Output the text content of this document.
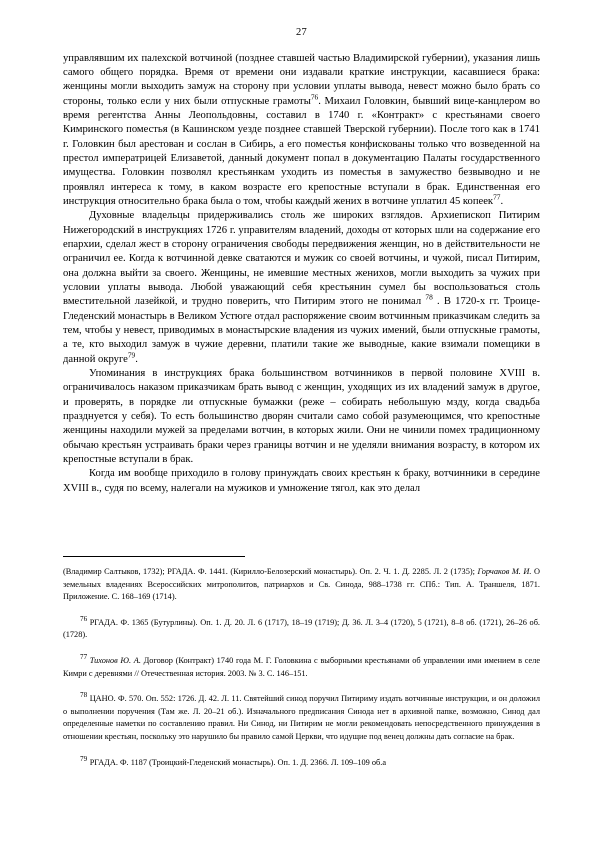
27

управлявшим их палехской вотчиной (позднее ставшей частью Владимирской губернии), указания лишь самого общего порядка. Время от времени они издавали краткие инструкции, касавшиеся брака: женщины могли выходить замуж на сторону при условии уплаты вывода, невест можно было брать со стороны, только если у них были отпускные грамоты$^{76}$. Михаил Головкин, бывший вице-канцлером во время регентства Анны Леопольдовны, составил в 1740 г. «Контракт» с крестьянами своего Кимринского поместья (в Кашинском уезде позднее ставшей Тверской губернии). После того как в 1741 г. Головкин был арестован и сослан в Сибирь, а его поместья конфискованы только что возведенной на престол императрицей Елизаветой, данный документ попал в документацию Палаты государственного имущества. Головкин позволял крестьянкам уходить из поместья в замужество безвыводно и не проявлял интереса к тому, в каком возрасте его крепостные вступали в брак. Единственная его инструкция относительно брака была о том, чтобы каждый жених в вотчине уплатил 45 копеек$^{77}$.

Духовные владельцы придерживались столь же широких взглядов. Архиепископ Питирим Нижегородский в инструкциях 1726 г. управителям владений, доходы от которых шли на содержание его епархии, сделал жест в сторону ограничения свободы передвижения женщин, но в действительности не ограничил ее. Когда к вотчинной девке сватаются и мужик со своей вотчины, и чужой, писал Питирим, она должна выйти за своего. Женщины, не имевшие местных женихов, могли выходить за чужих при условии уплаты вывода. Любой уважающий себя крестьянин сумел бы воспользоваться столь вместительной лазейкой, и трудно поверить, что Питирим этого не понимал $^{78}$ . В 1720-х гг. Троице-Гледенский монастырь в Великом Устюге отдал распоряжение своим вотчинным приказчикам следить за тем, чтобы у невест, приводимых в монастырские владения из чужих имений, были отпускные грамоты, а те, кто выходил замуж в чужие деревни, платили такие же выводные, какие взимали помещики в данной округе$^{79}$.

Упоминания в инструкциях брака большинством вотчинников в первой половине XVIII в. ограничивалось наказом приказчикам брать вывод с женщин, уходящих из их владений замуж в другое, и проверять, в порядке ли отпускные бумажки (реже – собирать небольшую мзду, когда свадьба празднуется у себя). То есть большинство дворян считали само собой разумеющимся, что крепостные женщины находили мужей за пределами вотчин, в которых жили. Они не чинили помех традиционному обычаю крестьян устраивать браки через границы вотчин и не уделяли внимания возрасту, в котором их крепостные вступали в брак.

Когда им вообще приходило в голову принуждать своих крестьян к браку, вотчинники в середине XVIII в., судя по всему, налегали на мужиков и умножение тягол, как это делал

(Владимир Салтыков, 1732); РГАДА. Ф. 1441. (Кирилло-Белозерский монастырь). Оп. 2. Ч. 1. Д. 2285. Л. 2 (1735); Горчаков М. И. О земельных владениях Всероссийских митрополитов, патриархов и Св. Синода, 988–1738 гг. СПб.: Тип. А. Траншеля, 1871. Приложение. С. 168–169 (1714).
76 РГАДА. Ф. 1365 (Бутурлины). Оп. 1. Д. 20. Л. 6 (1717), 18–19 (1719); Д. 36. Л. 3–4 (1720), 5 (1721), 8–8 об. (1721), 26–26 об. (1728).
77 Тихонов Ю. А. Договор (Контракт) 1740 года М. Г. Головкина с выборными крестьянами об управлении ими имением в селе Кимри с деревнями // Отечественная история. 2003. № 3. С. 146–151.
78 ЦАНО. Ф. 570. Оп. 552: 1726. Д. 42. Л. 11. Святейший синод поручил Питириму издать вотчинные инструкции, и он доложил о выполнении поручения (Там же. Л. 20–21 об.). Изначального предписания Синода нет в архивной папке, возможно, Синод дал определенные наметки по составлению правил. Ни Синод, ни Питирим не могли рекомендовать непосредственного принуждения в отношении крестьян, поскольку это нарушило бы правило самой Церкви, что идущие под венец должны дать согласие на брак.
79 РГАДА. Ф. 1187 (Троицкий-Гледенский монастырь). Оп. 1. Д. 2366. Л. 109–109 об.а
